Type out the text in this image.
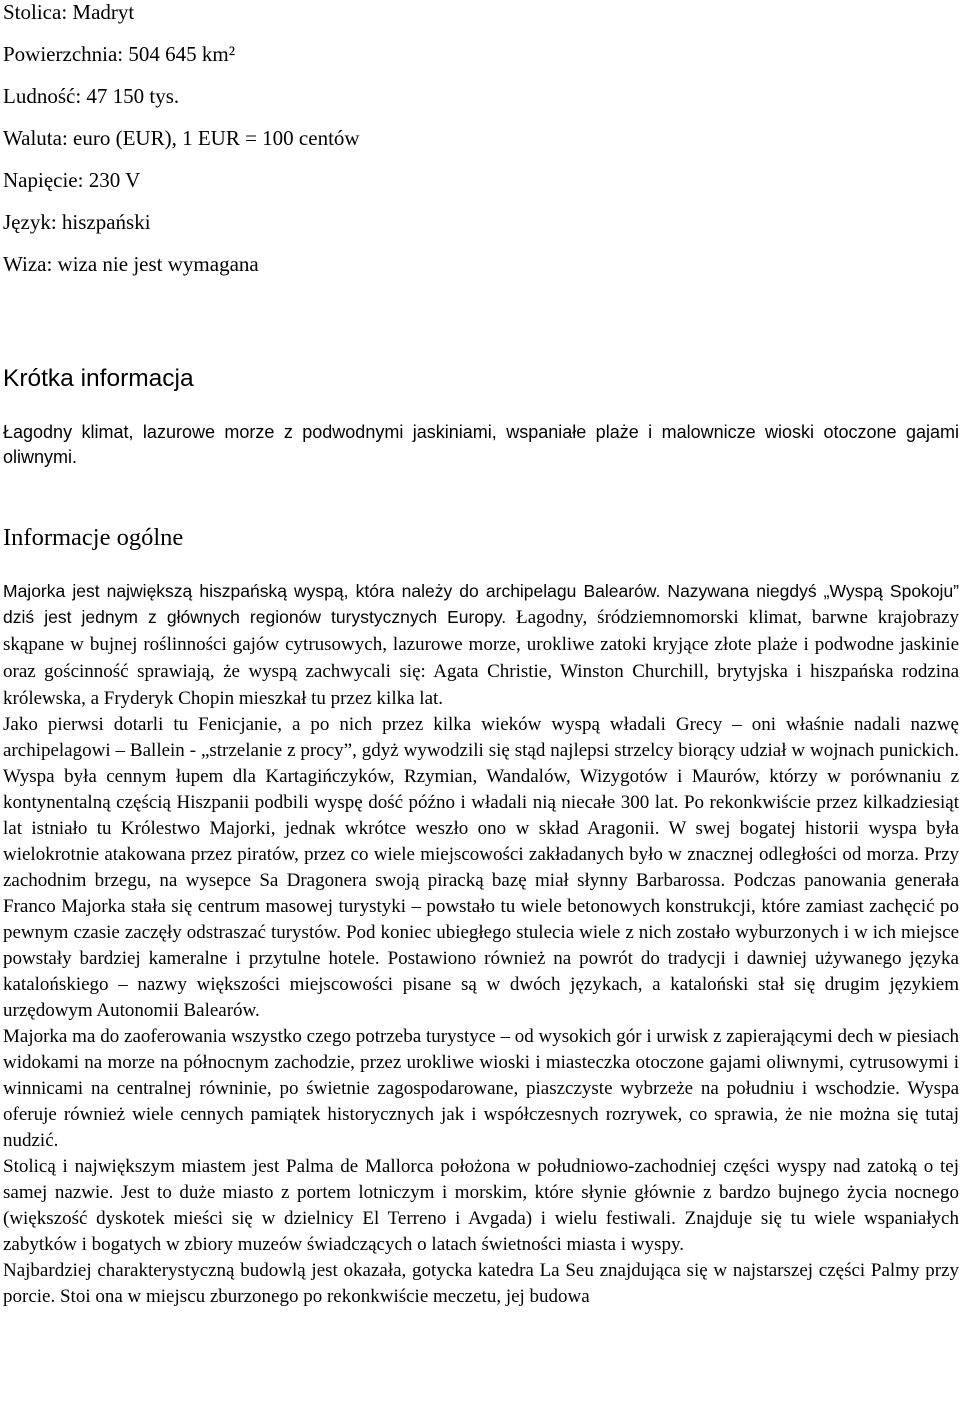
Stolica: Madryt
Powierzchnia: 504 645 km²
Ludność: 47 150 tys.
Waluta: euro (EUR), 1 EUR = 100 centów
Napięcie: 230 V
Język: hiszpański
Wiza: wiza nie jest wymagana
Krótka informacja

Łagodny klimat, lazurowe morze z podwodnymi jaskiniami, wspaniałe plaże i malownicze wioski otoczone gajami oliwnymi.

Informacje ogólne

Majorka jest największą hiszpańską wyspą, która należy do archipelagu Balearów. Nazywana niegdyś „Wyspą Spokoju” dziś jest jednym z głównych regionów turystycznych Europy. Łagodny, śródziemnomorski klimat, barwne krajobrazy skąpane w bujnej roślinności gajów cytrusowych, lazurowe morze, urokliwe zatoki kryjące złote plaże i podwodne jaskinie oraz gościnność sprawiają, że wyspą zachwycali się: Agata Christie, Winston Churchill, brytyjska i hiszpańska rodzina królewska, a Fryderyk Chopin mieszkał tu przez kilka lat.

Jako pierwsi dotarli tu Fenicjanie, a po nich przez kilka wieków wyspą władali Grecy – oni właśnie nadali nazwę archipelagowi – Ballein - „strzelanie z procy”, gdyż wywodzili się stąd najlepsi strzelcy biorący udział w wojnach punickich. Wyspa była cennym łupem dla Kartagińczyków, Rzymian, Wandalów, Wizygotów i Maurów, którzy w porównaniu z kontynentalną częścią Hiszpanii podbili wyspę dość późno i władali nią niecałe 300 lat. Po rekonkwiście przez kilkadziesiąt lat istniało tu Królestwo Majorki, jednak wkrótce weszło ono w skład Aragonii. W swej bogatej historii wyspa była wielokrotnie atakowana przez piratów, przez co wiele miejscowości zakładanych było w znacznej odległości od morza. Przy zachodnim brzegu, na wysepce Sa Dragonera swoją piracką bazę miał słynny Barbarossa. Podczas panowania generała Franco Majorka stała się centrum masowej turystyki – powstało tu wiele betonowych konstrukcji, które zamiast zachęcić po pewnym czasie zaczęły odstraszać turystów. Pod koniec ubiegłego stulecia wiele z nich zostało wyburzonych i w ich miejsce powstały bardziej kameralne i przytulne hotele. Postawiono również na powrót do tradycji i dawniej używanego języka katalońskiego – nazwy większości miejscowości pisane są w dwóch językach, a kataloński stał się drugim językiem urzędowym Autonomii Balearów.

Majorka ma do zaoferowania wszystko czego potrzeba turystyce – od wysokich gór i urwisk z zapierającymi dech w piesiach widokami na morze na północnym zachodzie, przez urokliwe wioski i miasteczka otoczone gajami oliwnymi, cytrusowymi i winnicami na centralnej równinie, po świetnie zagospodarowane, piaszczyste wybrzeże na południu i wschodzie. Wyspa oferuje również wiele cennych pamiątek historycznych jak i współczesnych rozrywek, co sprawia, że nie można się tutaj nudzić.

Stolicą i największym miastem jest Palma de Mallorca położona w południowo-zachodniej części wyspy nad zatoką o tej samej nazwie. Jest to duże miasto z portem lotniczym i morskim, które słynie głównie z bardzo bujnego życia nocnego (większość dyskotek mieści się w dzielnicy El Terreno i Avgada) i wielu festiwali. Znajduje się tu wiele wspaniałych zabytków i bogatych w zbiory muzeów świadczących o latach świetności miasta i wyspy.

Najbardziej charakterystyczną budowlą jest okazała, gotycka katedra La Seu znajdująca się w najstarszej części Palmy przy porcie. Stoi ona w miejscu zburzonego po rekonkwiście meczetu, jej budowa
